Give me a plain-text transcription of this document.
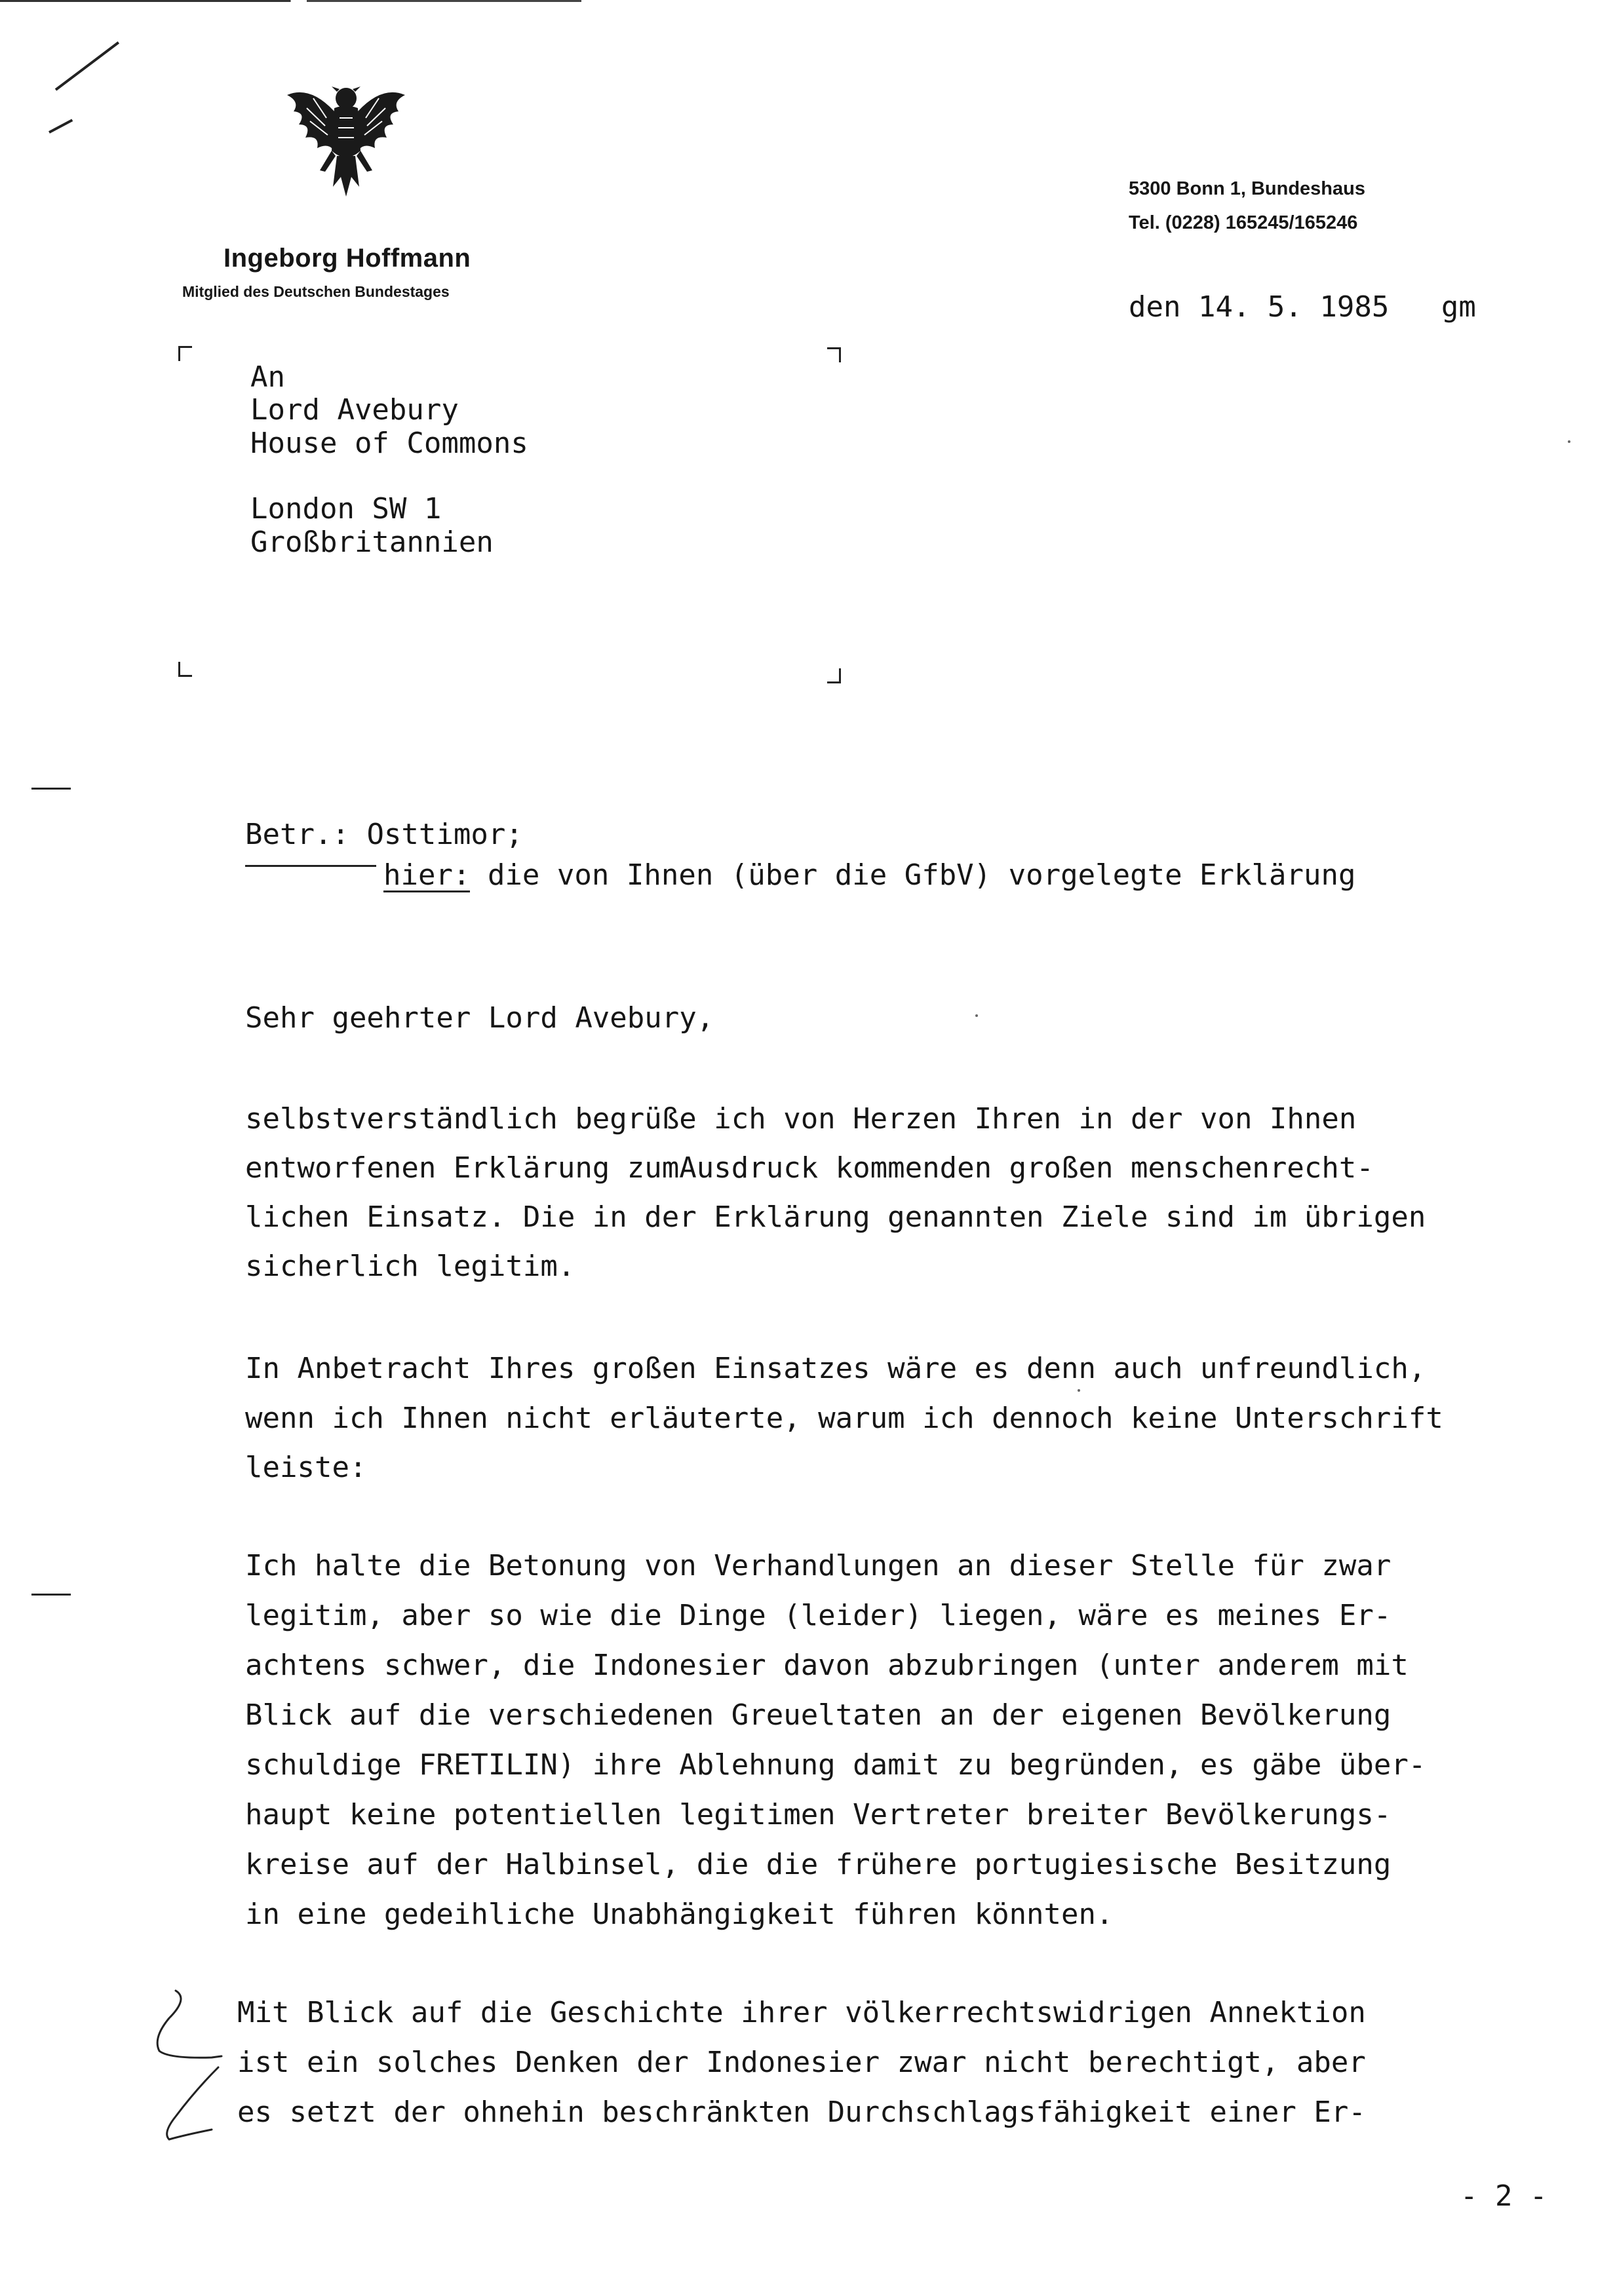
Ingeborg Hoffmann
Mitglied des Deutschen Bundestages
5300 Bonn 1, Bundeshaus
Tel. (0228) 165245/165246
den 14. 5. 1985   gm
An
Lord Avebury
House of Commons
London SW 1
Großbritannien
Betr.: Osttimor;
hier: die von Ihnen (über die GfbV) vorgelegte Erklärung
Sehr geehrter Lord Avebury,
selbstverständlich begrüße ich von Herzen Ihren in der von Ihnen
entworfenen Erklärung zumAusdruck kommenden großen menschenrecht-
lichen Einsatz. Die in der Erklärung genannten Ziele sind im übrigen
sicherlich legitim.
In Anbetracht Ihres großen Einsatzes wäre es denn auch unfreundlich,
wenn ich Ihnen nicht erläuterte, warum ich dennoch keine Unterschrift
leiste:
Ich halte die Betonung von Verhandlungen an dieser Stelle für zwar
legitim, aber so wie die Dinge (leider) liegen, wäre es meines Er-
achtens schwer, die Indonesier davon abzubringen (unter anderem mit
Blick auf die verschiedenen Greueltaten an der eigenen Bevölkerung
schuldige FRETILIN) ihre Ablehnung damit zu begründen, es gäbe über-
haupt keine potentiellen legitimen Vertreter breiter Bevölkerungs-
kreise auf der Halbinsel, die die frühere portugiesische Besitzung
in eine gedeihliche Unabhängigkeit führen könnten.
Mit Blick auf die Geschichte ihrer völkerrechtswidrigen Annektion
ist ein solches Denken der Indonesier zwar nicht berechtigt, aber
es setzt der ohnehin beschränkten Durchschlagsfähigkeit einer Er-
- 2 -
